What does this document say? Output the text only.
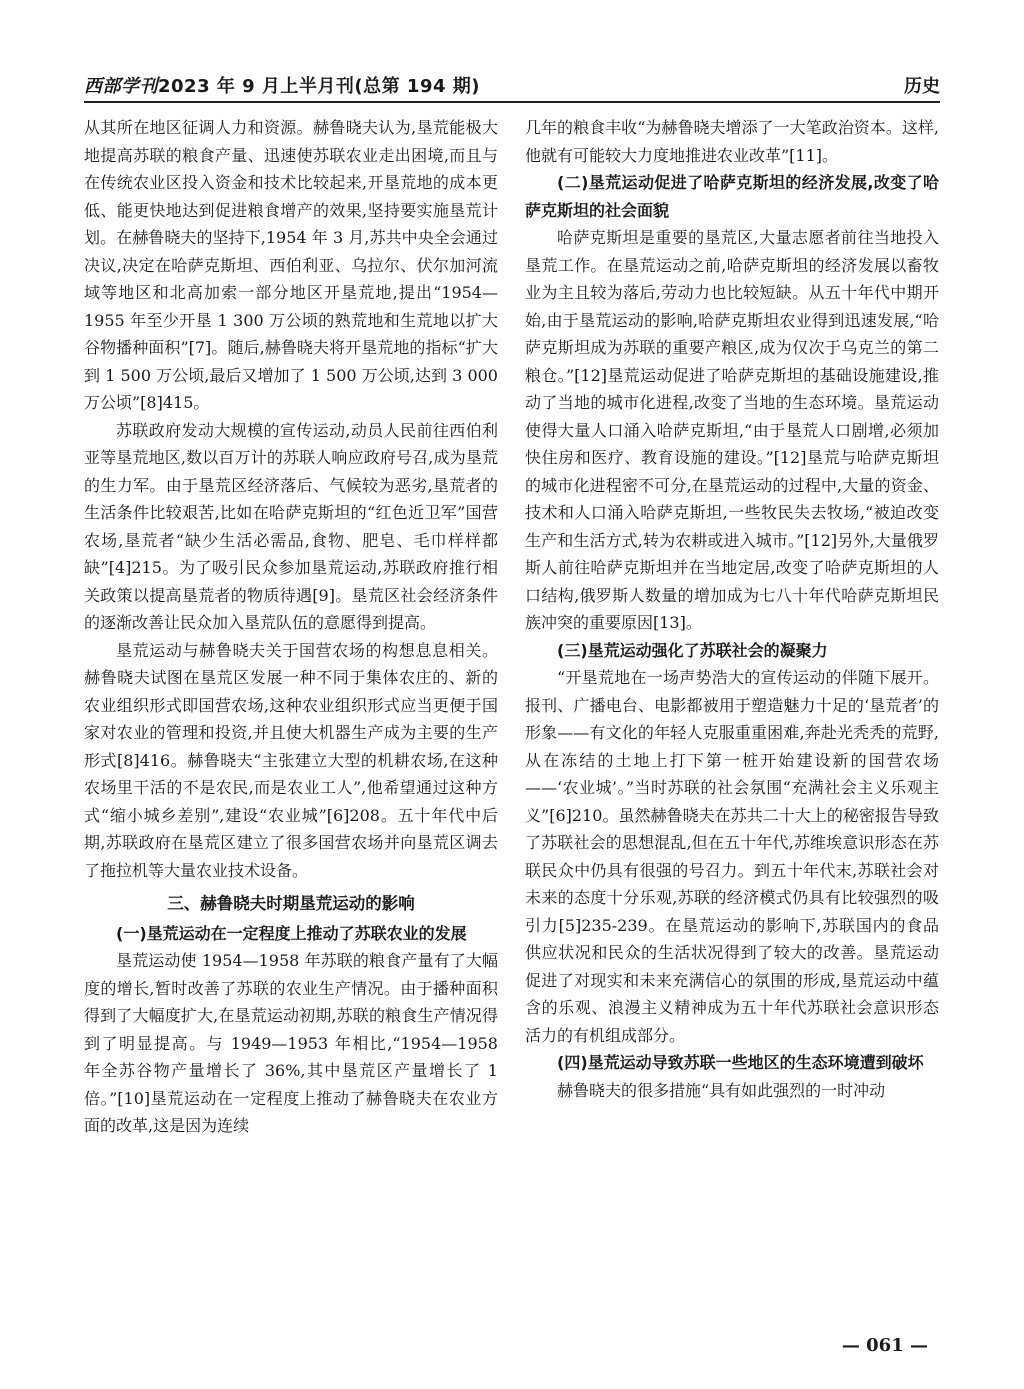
西部学刊2023 年 9 月上半月刊(总第 194 期)	历史

从其所在地区征调人力和资源。赫鲁晓夫认为,垦荒能极大地提高苏联的粮食产量、迅速使苏联农业走出困境,而且与在传统农业区投入资金和技术比较起来,开垦荒地的成本更低、能更快地达到促进粮食增产的效果,坚持要实施垦荒计划。在赫鲁晓夫的坚持下,1954 年 3 月,苏共中央全会通过决议,决定在哈萨克斯坦、西伯利亚、乌拉尔、伏尔加河流域等地区和北高加索一部分地区开垦荒地,提出“1954—1955 年至少开垦 1 300 万公顷的熟荒地和生荒地以扩大谷物播种面积”[7]。随后,赫鲁晓夫将开垦荒地的指标“扩大到 1 500 万公顷,最后又增加了 1 500 万公顷,达到 3 000 万公顷”[8]415。

苏联政府发动大规模的宣传运动,动员人民前往西伯利亚等垦荒地区,数以百万计的苏联人响应政府号召,成为垦荒的生力军。由于垦荒区经济落后、气候较为恶劣,垦荒者的生活条件比较艰苦,比如在哈萨克斯坦的“红色近卫军”国营农场,垦荒者“缺少生活必需品,食物、肥皂、毛巾样样都缺”[4]215。为了吸引民众参加垦荒运动,苏联政府推行相关政策以提高垦荒者的物质待遇[9]。垦荒区社会经济条件的逐渐改善让民众加入垦荒队伍的意愿得到提高。

垦荒运动与赫鲁晓夫关于国营农场的构想息息相关。赫鲁晓夫试图在垦荒区发展一种不同于集体农庄的、新的农业组织形式即国营农场,这种农业组织形式应当更便于国家对农业的管理和投资,并且使大机器生产成为主要的生产形式[8]416。赫鲁晓夫“主张建立大型的机耕农场,在这种农场里干活的不是农民,而是农业工人”,他希望通过这种方式“缩小城乡差别”,建设“农业城”[6]208。五十年代中后期,苏联政府在垦荒区建立了很多国营农场并向垦荒区调去了拖拉机等大量农业技术设备。

三、赫鲁晓夫时期垦荒运动的影响
(一)垦荒运动在一定程度上推动了苏联农业的发展

垦荒运动使 1954—1958 年苏联的粮食产量有了大幅度的增长,暂时改善了苏联的农业生产情况。由于播种面积得到了大幅度扩大,在垦荒运动初期,苏联的粮食生产情况得到了明显提高。与 1949—1953 年相比,“1954—1958 年全苏谷物产量增长了 36%,其中垦荒区产量增长了 1 倍。”[10]垦荒运动在一定程度上推动了赫鲁晓夫在农业方面的改革,这是因为连续

几年的粮食丰收“为赫鲁晓夫增添了一大笔政治资本。这样,他就有可能较大力度地推进农业改革”[11]。

(二)垦荒运动促进了哈萨克斯坦的经济发展,改变了哈萨克斯坦的社会面貌

哈萨克斯坦是重要的垦荒区,大量志愿者前往当地投入垦荒工作。在垦荒运动之前,哈萨克斯坦的经济发展以畜牧业为主且较为落后,劳动力也比较短缺。从五十年代中期开始,由于垦荒运动的影响,哈萨克斯坦农业得到迅速发展,“哈萨克斯坦成为苏联的重要产粮区,成为仅次于乌克兰的第二粮仓。”[12]垦荒运动促进了哈萨克斯坦的基础设施建设,推动了当地的城市化进程,改变了当地的生态环境。垦荒运动使得大量人口涌入哈萨克斯坦,“由于垦荒人口剧增,必须加快住房和医疗、教育设施的建设。”[12]垦荒与哈萨克斯坦的城市化进程密不可分,在垦荒运动的过程中,大量的资金、技术和人口涌入哈萨克斯坦,一些牧民失去牧场,“被迫改变生产和生活方式,转为农耕或进入城市。”[12]另外,大量俄罗斯人前往哈萨克斯坦并在当地定居,改变了哈萨克斯坦的人口结构,俄罗斯人数量的增加成为七八十年代哈萨克斯坦民族冲突的重要原因[13]。

(三)垦荒运动强化了苏联社会的凝聚力

“开垦荒地在一场声势浩大的宣传运动的伴随下展开。报刊、广播电台、电影都被用于塑造魅力十足的‘垦荒者’的形象——有文化的年轻人克服重重困难,奔赴光秃秃的荒野,从在冻结的土地上打下第一桩开始建设新的国营农场——‘农业城’。”当时苏联的社会氛围“充满社会主义乐观主义”[6]210。虽然赫鲁晓夫在苏共二十大上的秘密报告导致了苏联社会的思想混乱,但在五十年代,苏维埃意识形态在苏联民众中仍具有很强的号召力。到五十年代末,苏联社会对未来的态度十分乐观,苏联的经济模式仍具有比较强烈的吸引力[5]235-239。在垦荒运动的影响下,苏联国内的食品供应状况和民众的生活状况得到了较大的改善。垦荒运动促进了对现实和未来充满信心的氛围的形成,垦荒运动中蕴含的乐观、浪漫主义精神成为五十年代苏联社会意识形态活力的有机组成部分。

(四)垦荒运动导致苏联一些地区的生态环境遭到破坏

赫鲁晓夫的很多措施“具有如此强烈的一时冲动

— 061 —
